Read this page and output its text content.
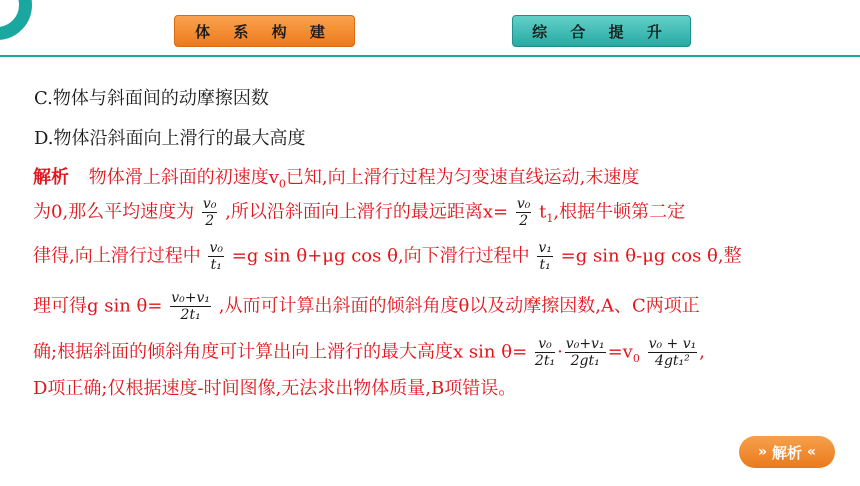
体 系 构 建	综 合 提 升
C.物体与斜面间的动摩擦因数
D.物体沿斜面向上滑行的最大高度
解析 物体滑上斜面的初速度$v_0$已知,向上滑行过程为匀变速直线运动,末速度
为0,那么平均速度为 $\frac{\text{v₀}}{2}$ ,所以沿斜面向上滑行的最远距离$x= \frac{\text{v₀}}{2} t_1$,根据牛顿第二定
律得,向上滑行过程中 $\frac{\text{v₀}}{\text{t₁}} =g$ sin θ+μg cos θ,向下滑行过程中 $\frac{\text{v₁}}{\text{t₁}} =g$ sin θ-μg cos θ,整
理可得g $\sin \theta= \frac{\text{v₀+v₁}}{\text{2t₁}}$ ,从而可计算出斜面的倾斜角度θ以及动摩擦因数,A、C两项正
确;根据斜面的倾斜角度可计算出向上滑行的最大高度x $\sin \theta= \frac{\text{v₀}}{\text{2t₁}} \cdot \frac{\text{v₀+v₁}}{\text{2gt₁}} =v_0 \frac{\text{v₀ + v₁}}{\text{4gt₁²}}$ ,
D项正确;仅根据速度-时间图像,无法求出物体质量,B项错误。
» 解析 «
